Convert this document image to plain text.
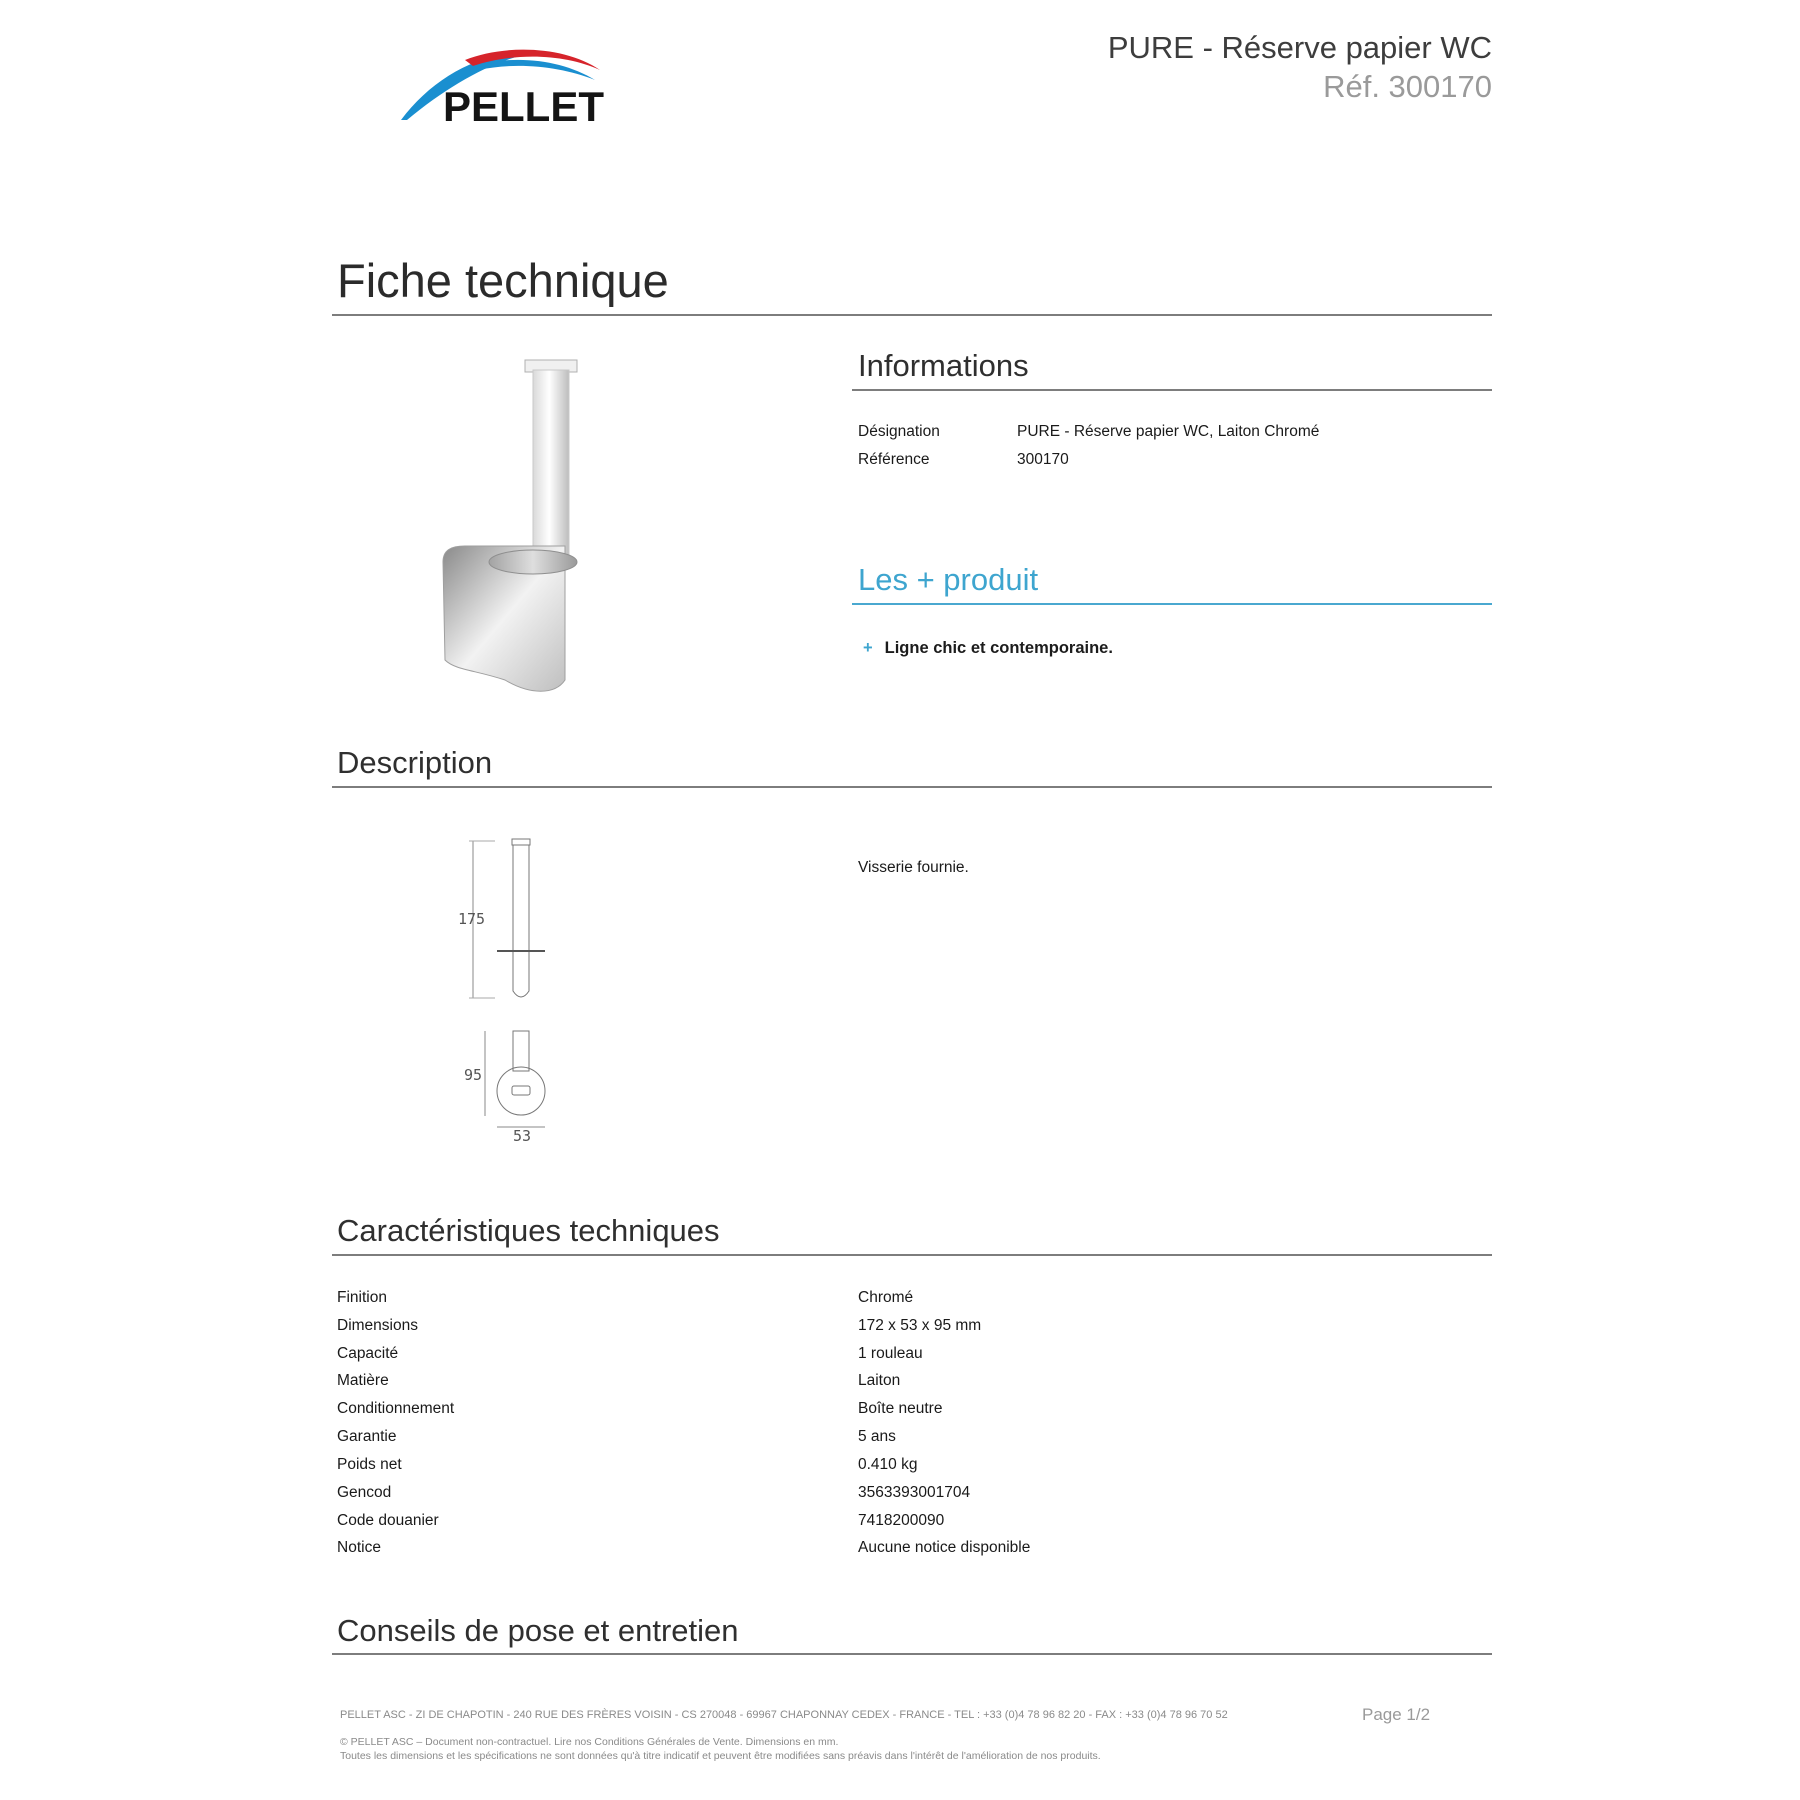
PELLET
PURE - Réserve papier WC
Réf. 300170
Fiche technique
Informations
Désignation	PURE - Réserve papier WC, Laiton Chromé
Référence	300170
Les + produit
+ Ligne chic et contemporaine.
Description
175
95
53
Visserie fournie.
Caractéristiques techniques
Finition	Chromé
Dimensions	172 x 53 x 95 mm
Capacité	1 rouleau
Matière	Laiton
Conditionnement	Boîte neutre
Garantie	5 ans
Poids net	0.410 kg
Gencod	3563393001704
Code douanier	7418200090
Notice	Aucune notice disponible
Conseils de pose et entretien
PELLET ASC - ZI DE CHAPOTIN - 240 RUE DES FRÈRES VOISIN - CS 270048 - 69967 CHAPONNAY CEDEX - FRANCE - TEL : +33 (0)4 78 96 82 20 - FAX : +33 (0)4 78 96 70 52	Page 1/2
© PELLET ASC – Document non-contractuel. Lire nos Conditions Générales de Vente. Dimensions en mm.
Toutes les dimensions et les spécifications ne sont données qu'à titre indicatif et peuvent être modifiées sans préavis dans l'intérêt de l'amélioration de nos produits.
